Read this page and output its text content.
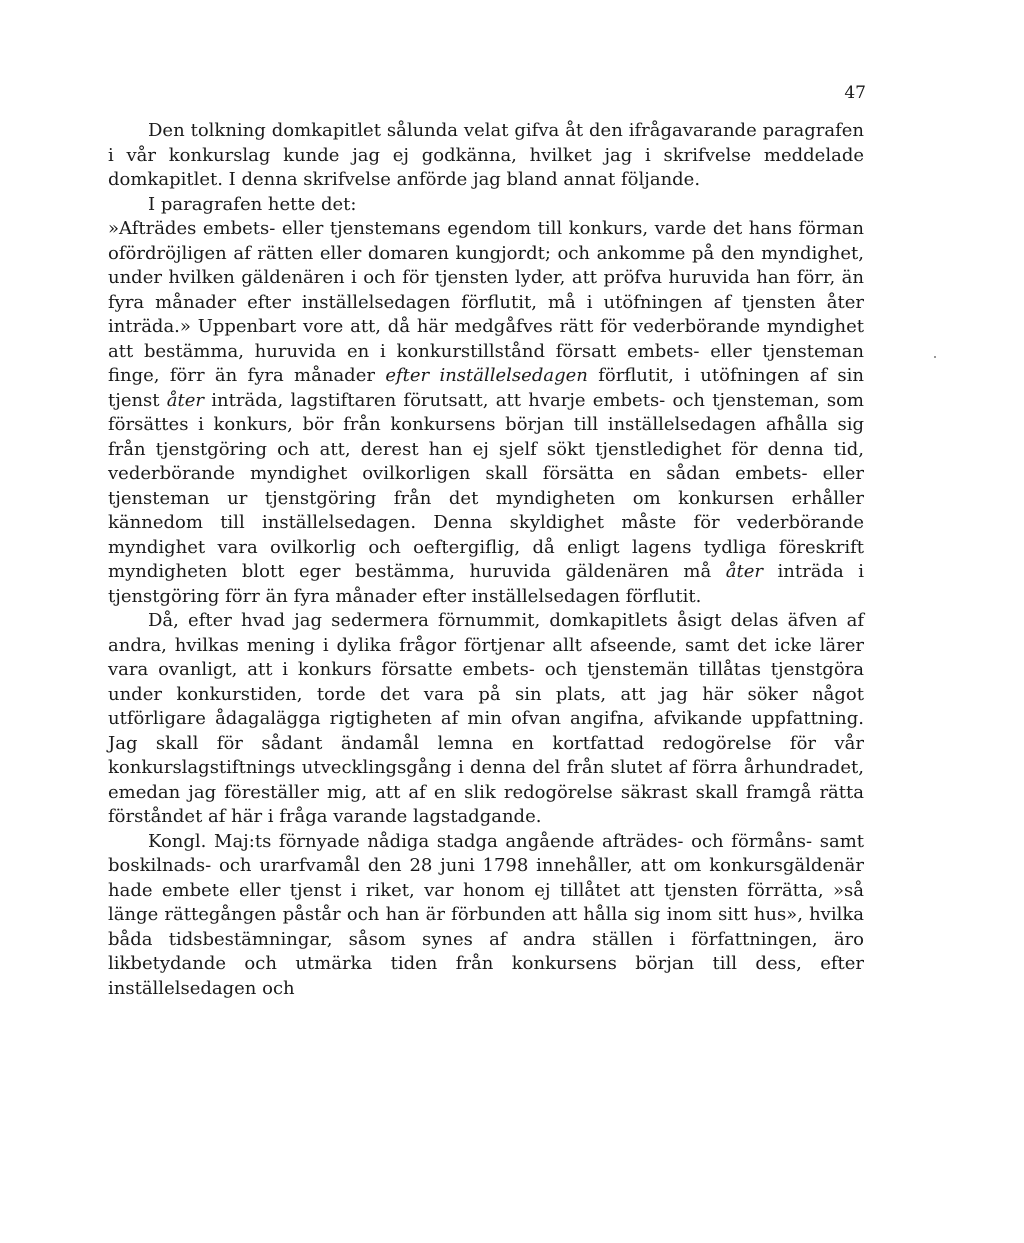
47

Den tolkning domkapitlet sålunda velat gifva åt den ifrågavarande paragrafen i vår konkurslag kunde jag ej godkänna, hvilket jag i skrifvelse meddelade domkapitlet. I denna skrifvelse anförde jag bland annat följande.

I paragrafen hette det:

»Afträdes embets- eller tjenstemans egendom till konkurs, varde det hans förman ofördröjligen af rätten eller domaren kungjordt; och ankomme på den myndighet, under hvilken gäldenären i och för tjensten lyder, att pröfva huruvida han förr, än fyra månader efter inställelsedagen förflutit, må i utöfningen af tjensten åter inträda.» Uppenbart vore att, då här medgåfves rätt för vederbörande myndighet att bestämma, huruvida en i konkurstillstånd försatt embets- eller tjensteman finge, förr än fyra månader efter inställelsedagen förflutit, i utöfningen af sin tjenst åter inträda, lagstiftaren förutsatt, att hvarje embets- och tjensteman, som försättes i konkurs, bör från konkursens början till inställelsedagen afhålla sig från tjenstgöring och att, derest han ej sjelf sökt tjenstledighet för denna tid, vederbörande myndighet ovilkorligen skall försätta en sådan embets- eller tjensteman ur tjenstgöring från det myndigheten om konkursen erhåller kännedom till inställelsedagen. Denna skyldighet måste för vederbörande myndighet vara ovilkorlig och oeftergiflig, då enligt lagens tydliga föreskrift myndigheten blott eger bestämma, huruvida gäldenären må åter inträda i tjenstgöring förr än fyra månader efter inställelsedagen förflutit.

Då, efter hvad jag sedermera förnummit, domkapitlets åsigt delas äfven af andra, hvilkas mening i dylika frågor förtjenar allt afseende, samt det icke lärer vara ovanligt, att i konkurs försatte embets- och tjenstemän tillåtas tjenstgöra under konkurstiden, torde det vara på sin plats, att jag här söker något utförligare ådagalägga rigtigheten af min ofvan angifna, afvikande uppfattning. Jag skall för sådant ändamål lemna en kortfattad redogörelse för vår konkurslagstiftnings utvecklingsgång i denna del från slutet af förra århundradet, emedan jag föreställer mig, att af en slik redogörelse säkrast skall framgå rätta förståndet af här i fråga varande lagstadgande.

Kongl. Maj:ts förnyade nådiga stadga angående afträdes- och förmåns- samt boskilnads- och urarfvamål den 28 juni 1798 innehåller, att om konkursgäldenär hade embete eller tjenst i riket, var honom ej tillåtet att tjensten förrätta, »så länge rättegången påstår och han är förbunden att hålla sig inom sitt hus», hvilka båda tidsbestämningar, såsom synes af andra ställen i författningen, äro likbetydande och utmärka tiden från konkursens början till dess, efter inställelsedagen och
